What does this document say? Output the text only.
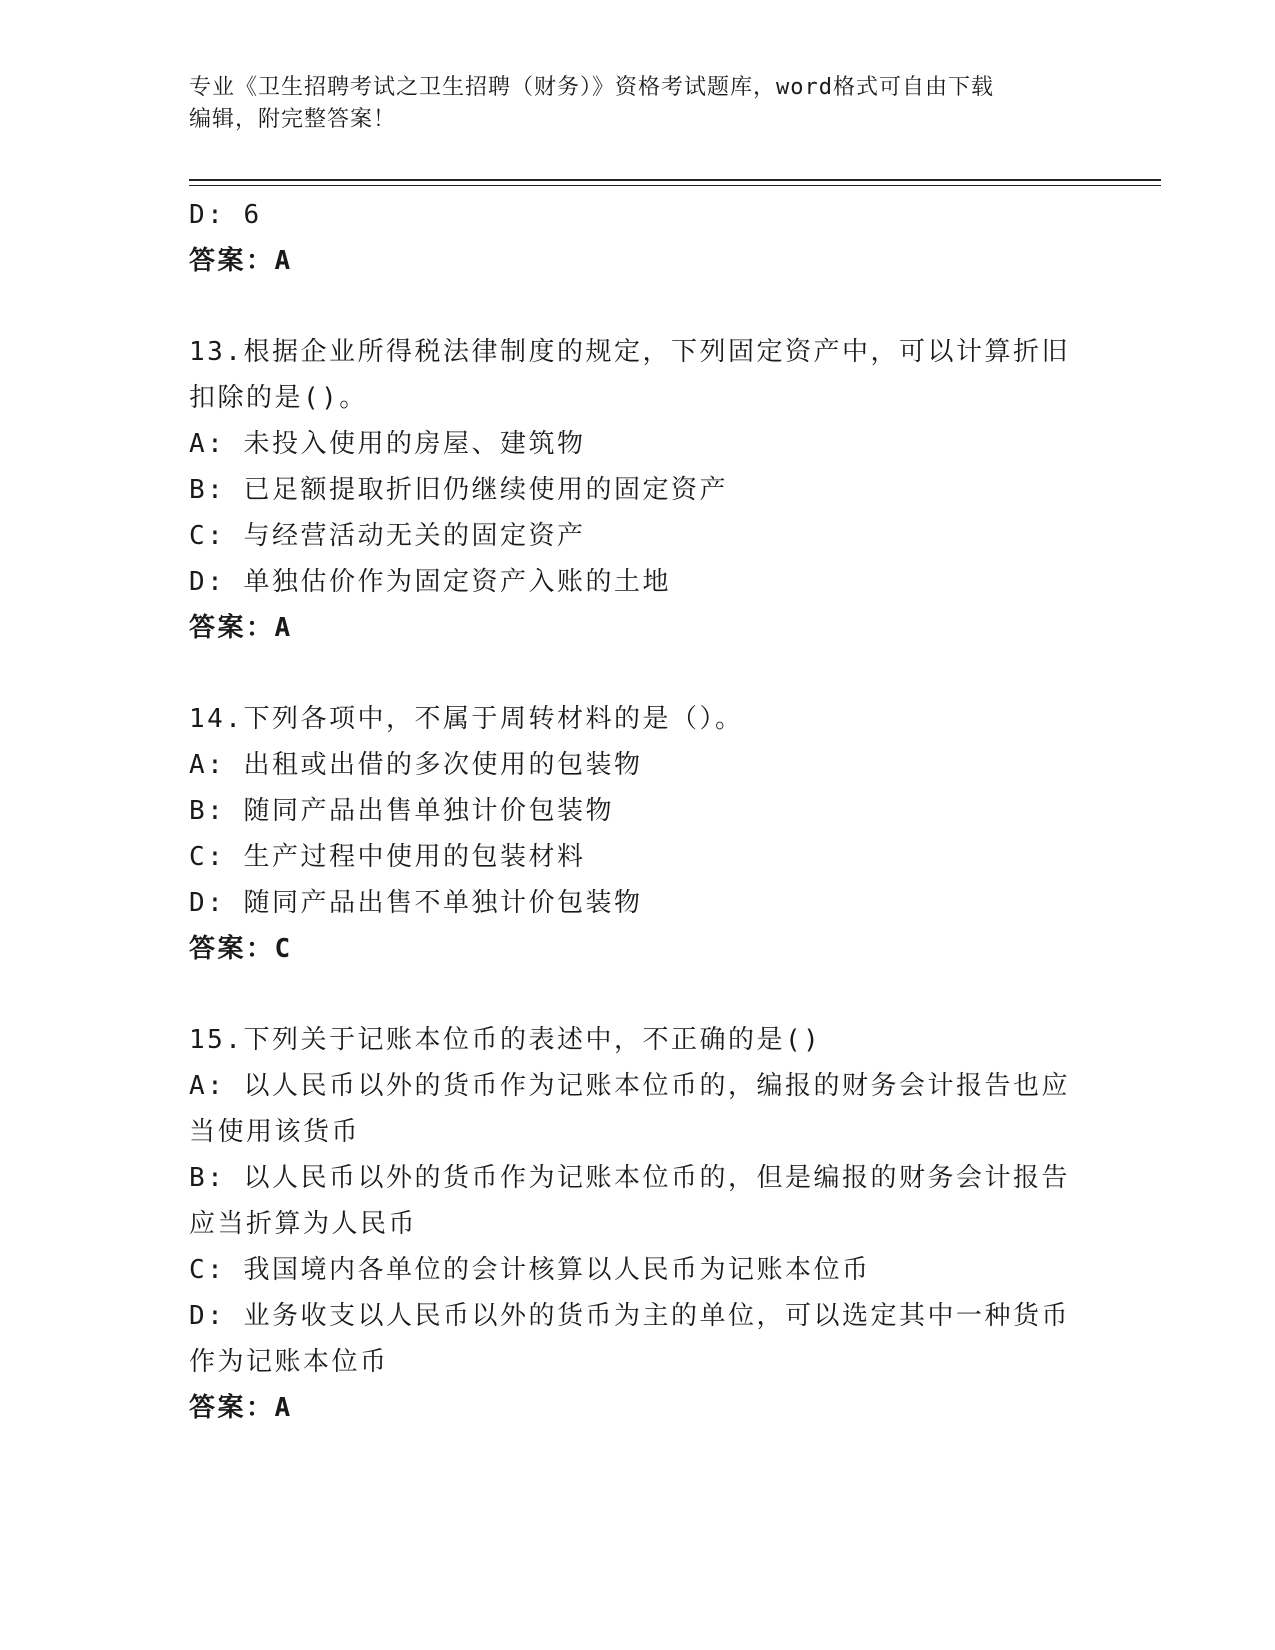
专业《卫生招聘考试之卫生招聘（财务）》资格考试题库，word格式可自由下载
编辑，附完整答案！
D: 6
答案：A
13.根据企业所得税法律制度的规定，下列固定资产中，可以计算折旧
扣除的是()。
A: 未投入使用的房屋、建筑物
B: 已足额提取折旧仍继续使用的固定资产
C: 与经营活动无关的固定资产
D: 单独估价作为固定资产入账的土地
答案：A
14.下列各项中，不属于周转材料的是（）。
A: 出租或出借的多次使用的包装物
B: 随同产品出售单独计价包装物
C: 生产过程中使用的包装材料
D: 随同产品出售不单独计价包装物
答案：C
15.下列关于记账本位币的表述中，不正确的是()
A: 以人民币以外的货币作为记账本位币的，编报的财务会计报告也应
当使用该货币
B: 以人民币以外的货币作为记账本位币的，但是编报的财务会计报告
应当折算为人民币
C: 我国境内各单位的会计核算以人民币为记账本位币
D: 业务收支以人民币以外的货币为主的单位，可以选定其中一种货币
作为记账本位币
答案：A
